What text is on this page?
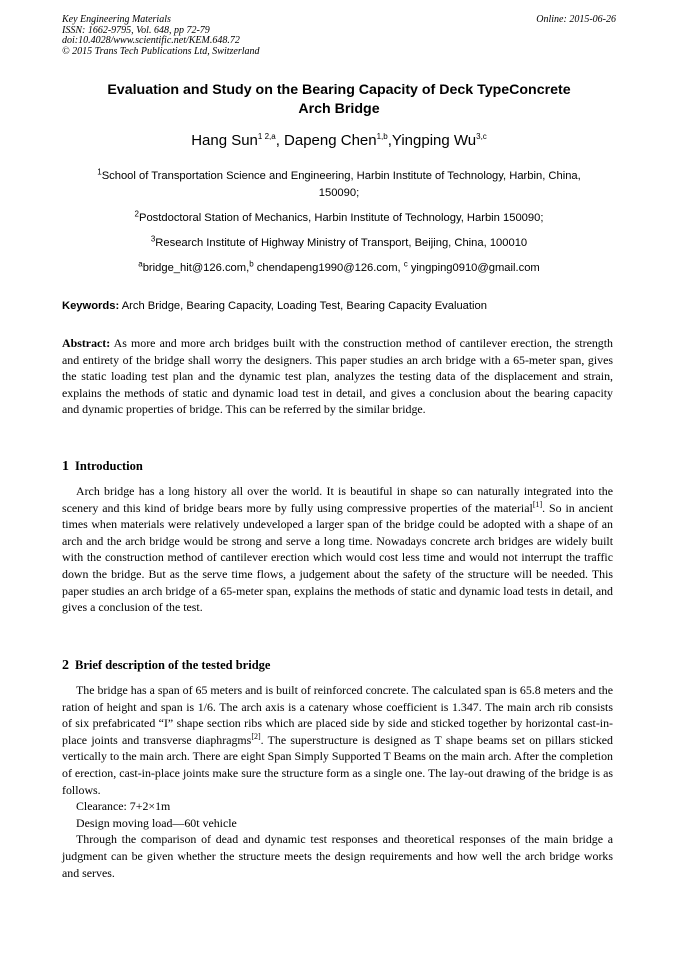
Key Engineering Materials
ISSN: 1662-9795, Vol. 648, pp 72-79
doi:10.4028/www.scientific.net/KEM.648.72
© 2015 Trans Tech Publications Ltd, Switzerland
Online: 2015-06-26
Evaluation and Study on the Bearing Capacity of Deck TypeConcrete
Arch Bridge
Hang Sun$^{1 2,a}$, Dapeng Chen$^{1,b}$,Yingping Wu$^{3,c}$
$^1$School of Transportation Science and Engineering, Harbin Institute of Technology, Harbin, China,
150090;
$^2$Postdoctoral Station of Mechanics, Harbin Institute of Technology, Harbin 150090;
$^3$Research Institute of Highway Ministry of Transport, Beijing, China, 100010
$^a$bridge_hit@126.com,$^b$ chendapeng1990@126.com, $^c$ yingping0910@gmail.com
Keywords: Arch Bridge, Bearing Capacity, Loading Test, Bearing Capacity Evaluation
Abstract: As more and more arch bridges built with the construction method of cantilever erection, the strength and entirety of the bridge shall worry the designers. This paper studies an arch bridge with a 65-meter span, gives the static loading test plan and the dynamic test plan, analyzes the testing data of the displacement and strain, explains the methods of static and dynamic load test in detail, and gives a conclusion about the bearing capacity and dynamic properties of bridge. This can be referred by the similar bridge.
1 Introduction

Arch bridge has a long history all over the world. It is beautiful in shape so can naturally integrated into the scenery and this kind of bridge bears more by fully using compressive properties of the material[1]. So in ancient times when materials were relatively undeveloped a larger span of the bridge could be adopted with a shape of an arch and the arch bridge would be strong and serve a long time. Nowadays concrete arch bridges are widely built with the construction method of cantilever erection which would cost less time and would not interrupt the traffic down the bridge. But as the serve time flows, a judgement about the safety of the structure will be needed. This paper studies an arch bridge of a 65-meter span, explains the methods of static and dynamic load tests in detail, and gives a conclusion of the test.

2 Brief description of the tested bridge

The bridge has a span of 65 meters and is built of reinforced concrete. The calculated span is 65.8 meters and the ration of height and span is 1/6. The arch axis is a catenary whose coefficient is 1.347. The main arch rib consists of six prefabricated “I” shape section ribs which are placed side by side and sticked together by horizontal cast-in-place joints and transverse diaphragms[2]. The superstructure is designed as T shape beams set on pillars sticked vertically to the main arch. There are eight Span Simply Supported T Beams on the main arch. After the completion of erection, cast-in-place joints make sure the structure form as a single one. The lay-out drawing of the bridge is as follows.

Clearance: 7+2×1m

Design moving load—60t vehicle

Through the comparison of dead and dynamic test responses and theoretical responses of the main bridge a judgment can be given whether the structure meets the design requirements and how well the arch bridge works and serves.
